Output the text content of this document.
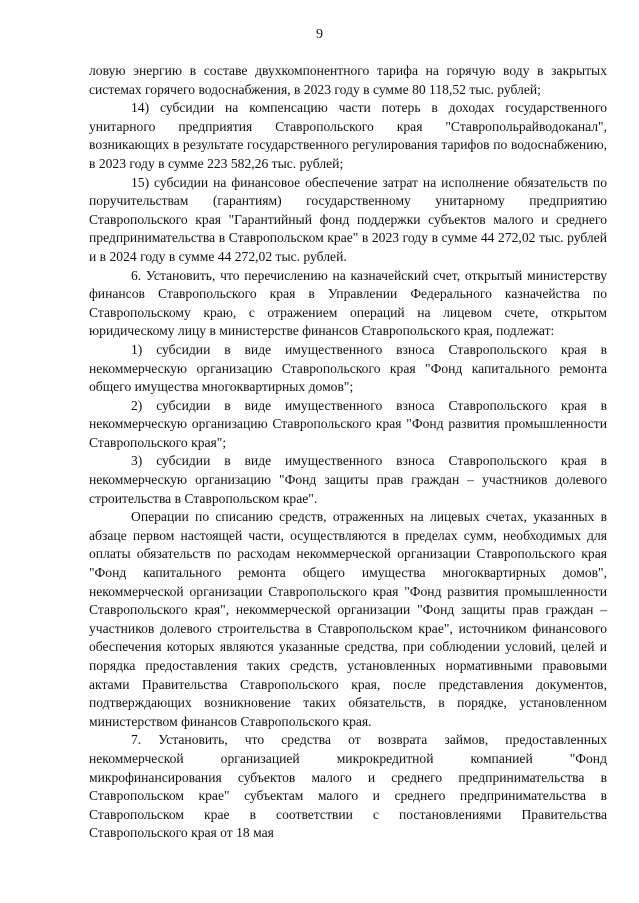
9

ловую энергию в составе двухкомпонентного тарифа на горячую воду в закрытых системах горячего водоснабжения, в 2023 году в сумме 80 118,52 тыс. рублей;

14) субсидии на компенсацию части потерь в доходах государственного унитарного предприятия Ставропольского края "Ставропольрайводоканал", возникающих в результате государственного регулирования тарифов по водоснабжению, в 2023 году в сумме 223 582,26 тыс. рублей;

15) субсидии на финансовое обеспечение затрат на исполнение обязательств по поручительствам (гарантиям) государственному унитарному предприятию Ставропольского края "Гарантийный фонд поддержки субъектов малого и среднего предпринимательства в Ставропольском крае" в 2023 году в сумме 44 272,02 тыс. рублей и в 2024 году в сумме 44 272,02 тыс. рублей.

6. Установить, что перечислению на казначейский счет, открытый министерству финансов Ставропольского края в Управлении Федерального казначейства по Ставропольскому краю, с отражением операций на лицевом счете, открытом юридическому лицу в министерстве финансов Ставропольского края, подлежат:

1) субсидии в виде имущественного взноса Ставропольского края в некоммерческую организацию Ставропольского края "Фонд капитального ремонта общего имущества многоквартирных домов";

2) субсидии в виде имущественного взноса Ставропольского края в некоммерческую организацию Ставропольского края "Фонд развития промышленности Ставропольского края";

3) субсидии в виде имущественного взноса Ставропольского края в некоммерческую организацию "Фонд защиты прав граждан – участников долевого строительства в Ставропольском крае".

Операции по списанию средств, отраженных на лицевых счетах, указанных в абзаце первом настоящей части, осуществляются в пределах сумм, необходимых для оплаты обязательств по расходам некоммерческой организации Ставропольского края "Фонд капитального ремонта общего имущества многоквартирных домов", некоммерческой организации Ставропольского края "Фонд развития промышленности Ставропольского края", некоммерческой организации "Фонд защиты прав граждан – участников долевого строительства в Ставропольском крае", источником финансового обеспечения которых являются указанные средства, при соблюдении условий, целей и порядка предоставления таких средств, установленных нормативными правовыми актами Правительства Ставропольского края, после представления документов, подтверждающих возникновение таких обязательств, в порядке, установленном министерством финансов Ставропольского края.

7. Установить, что средства от возврата займов, предоставленных некоммерческой организацией микрокредитной компанией "Фонд микрофинансирования субъектов малого и среднего предпринимательства в Ставропольском крае" субъектам малого и среднего предпринимательства в Ставропольском крае в соответствии с постановлениями Правительства Ставропольского края от 18 мая
